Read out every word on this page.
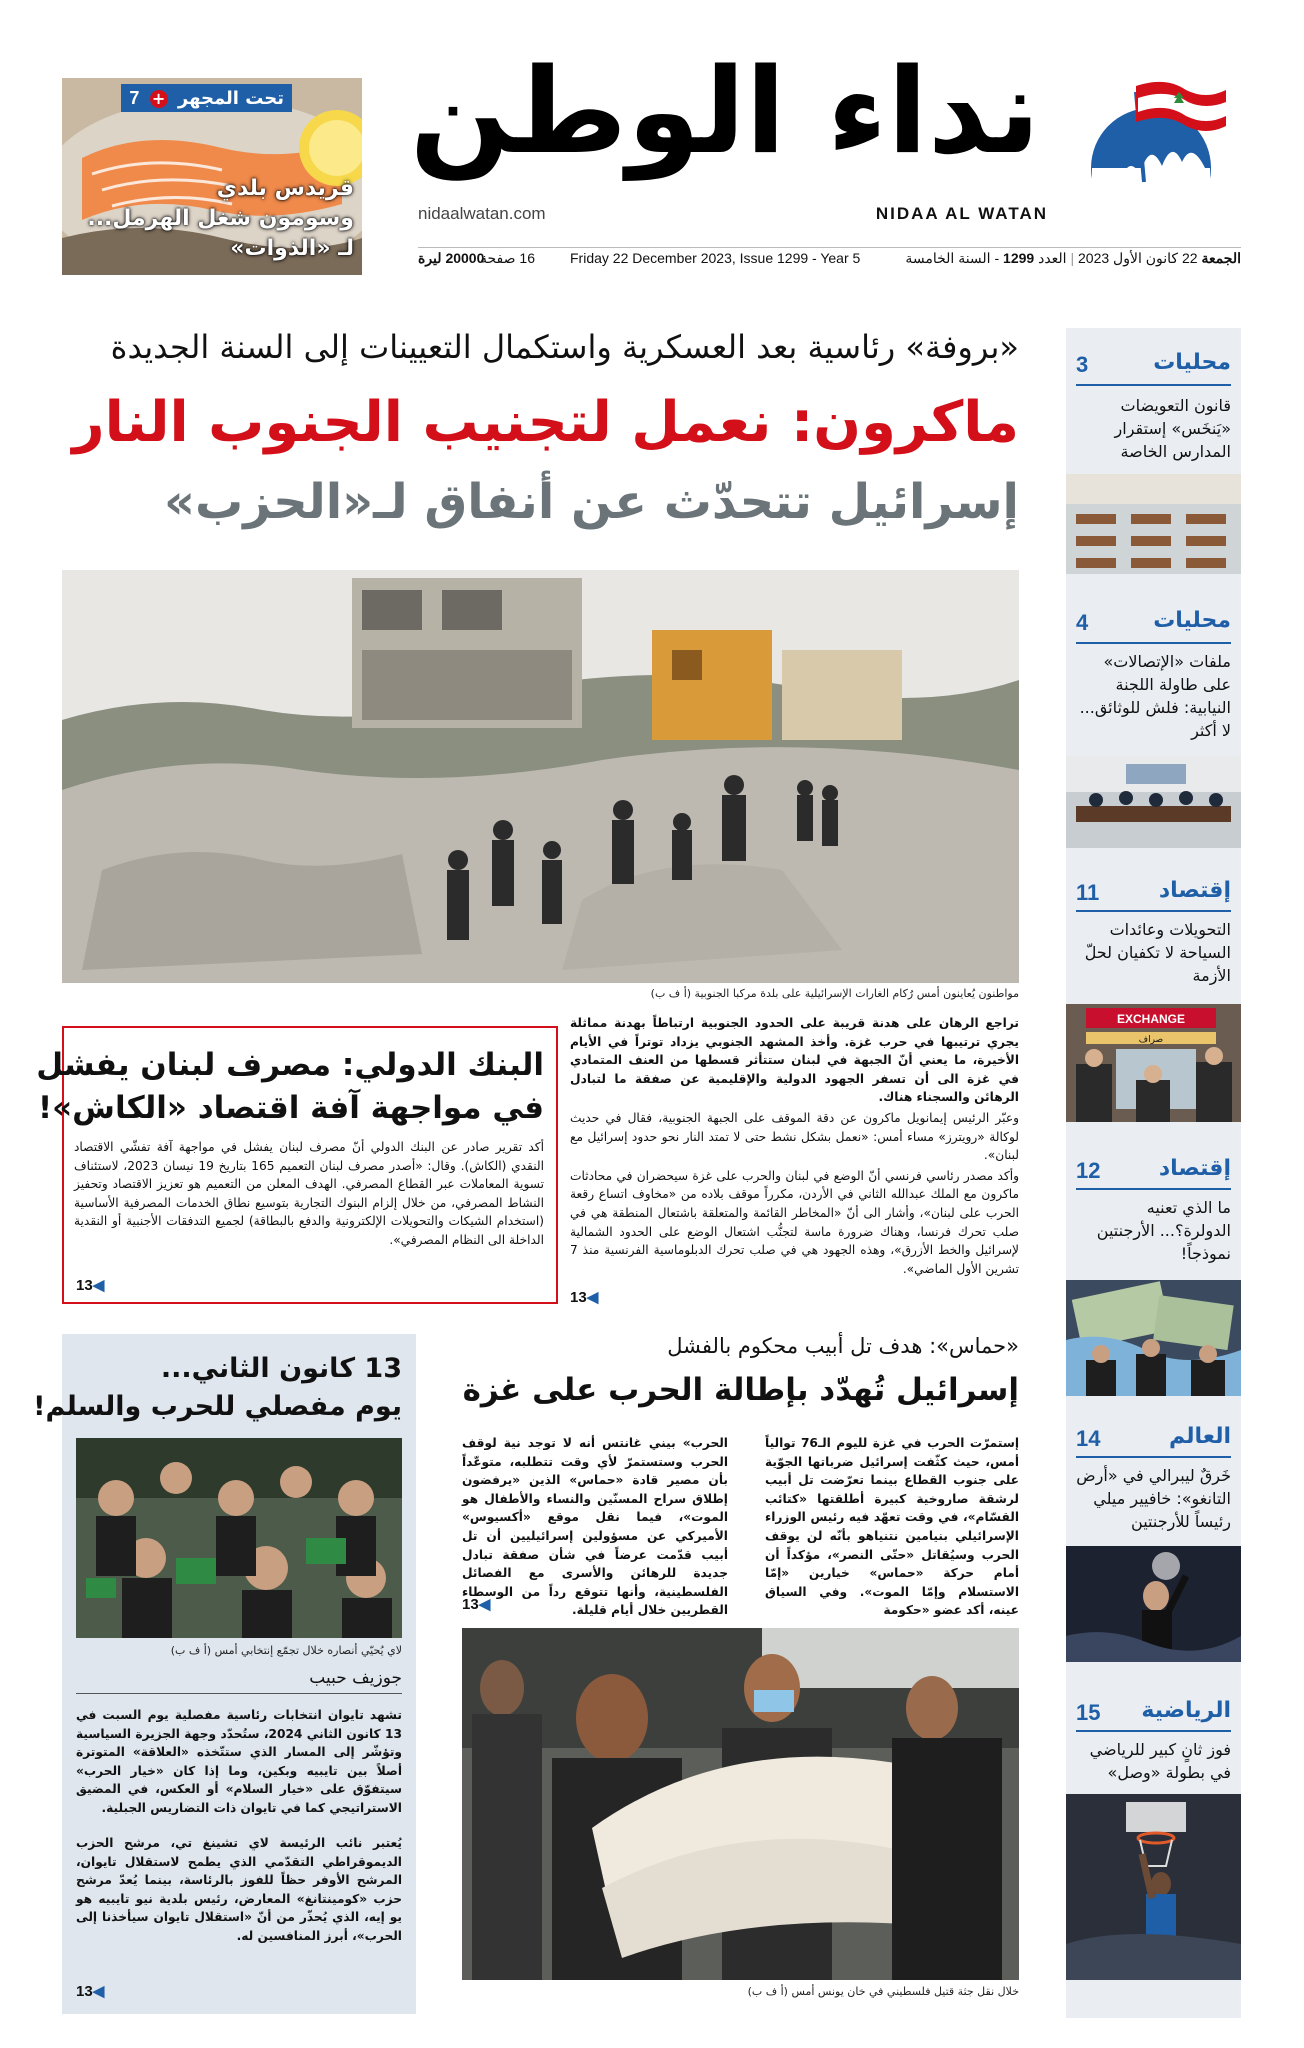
نداء الوطن
NIDAA AL WATAN
nidaalwatan.com
تحت المجهر + 7
قريدس بلدي
وسومون شغل الهرمل...
لـ «الذوات»	الجمعة 22 كانون الأول 2023 | العدد 1299 - السنة الخامسة
Friday 22 December 2023, Issue 1299 - Year 5
16 صفحة
20000 ليرة
«بروفة» رئاسية بعد العسكرية واستكمال التعيينات إلى السنة الجديدة
ماكرون: نعمل لتجنيب الجنوب النار
إسرائيل تتحدّث عن أنفاق لـ«الحزب»
مواطنون يُعاينون أمس رُكام الغارات الإسرائيلية على بلدة مركبا الجنوبية (أ ف ب)

تراجع الرهان على هدنة قريبة على الحدود الجنوبية ارتباطاً بهدنة مماثلة يجري ترتيبها في حرب غزة. وأخذ المشهد الجنوبي يزداد توتراً في الأيام الأخيرة، ما يعني أنّ الجبهة في لبنان ستتأثر قسطها من العنف المتمادي في غزة الى أن تسفر الجهود الدولية والإقليمية عن صفقة ما لتبادل الرهائن والسجناء هناك.

وعبّر الرئيس إيمانويل ماكرون عن دقة الموقف على الجبهة الجنوبية، فقال في حديث لوكالة «رويترز» مساء أمس: «نعمل بشكل نشط حتى لا تمتد النار نحو حدود إسرائيل مع لبنان».

وأكد مصدر رئاسي فرنسي أنّ الوضع في لبنان والحرب على غزة سيحضران في محادثات ماكرون مع الملك عبدالله الثاني في الأردن، مكرراً موقف بلاده من «مخاوف اتساع رقعة الحرب على لبنان»، وأشار الى أنّ «المخاطر القائمة والمتعلقة باشتعال المنطقة هي في صلب تحرك فرنسا، وهناك ضرورة ماسة لتجنُّب اشتعال الوضع على الحدود الشمالية لإسرائيل والخط الأزرق»، وهذه الجهود هي في صلب تحرك الدبلوماسية الفرنسية منذ 7 تشرين الأول الماضي».

13◀
البنك الدولي: مصرف لبنان يفشل
في مواجهة آفة اقتصاد «الكاش»!

أكد تقرير صادر عن البنك الدولي أنّ مصرف لبنان يفشل في مواجهة آفة تفشّي الاقتصاد النقدي (الكاش). وقال: «أصدر مصرف لبنان التعميم 165 بتاريخ 19 نيسان 2023، لاستئناف تسوية المعاملات عبر القطاع المصرفي. الهدف المعلن من التعميم هو تعزيز الاقتصاد وتحفيز النشاط المصرفي، من خلال إلزام البنوك التجارية بتوسيع نطاق الخدمات المصرفية الأساسية (استخدام الشيكات والتحويلات الإلكترونية والدفع بالبطاقة) لجميع التدفقات الأجنبية أو النقدية الداخلة الى النظام المصرفي».

13◀
«حماس»: هدف تل أبيب محكوم بالفشل
إسرائيل تُهدّد بإطالة الحرب على غزة

إستمرّت الحرب في غزة لليوم الـ76 توالياً أمس، حيث كثّفت إسرائيل ضرباتها الجوّية على جنوب القطاع بينما تعرّضت تل أبيب لرشقة صاروخية كبيرة أطلقتها «كتائب القسّام»، في وقت تعهّد فيه رئيس الوزراء الإسرائيلي بنيامين نتنياهو بأنّه لن يوقف الحرب وسيُقاتل «حتّى النصر»، مؤكداً أن أمام حركة «حماس» خيارين «إمّا الاستسلام وإمّا الموت». وفي السياق عينه، أكد عضو «حكومة

الحرب» بيني غانتس أنه لا توجد نية لوقف الحرب وستستمرّ لأي وقت تتطلبه، متوعّداً بأن مصير قادة «حماس» الذين «يرفضون إطلاق سراح المسنّين والنساء والأطفال هو الموت»، فيما نقل موقع «أكسيوس» الأميركي عن مسؤولين إسرائيليين أن تل أبيب قدّمت عرضاً في شأن صفقة تبادل جديدة للرهائن والأسرى مع الفصائل الفلسطينية، وأنها تتوقع رداً من الوسطاء القطريين خلال أيام قليلة.

13◀
خلال نقل جثة قتيل فلسطيني في خان يونس أمس (أ ف ب)
13 كانون الثاني...
يوم مفصلي للحرب والسلم!
لاي يُحيّي أنصاره خلال تجمّع إنتخابي أمس (أ ف ب)
جوزيف حبيب

تشهد تايوان انتخابات رئاسية مفصلية يوم السبت في 13 كانون الثاني 2024، ستُحدّد وجهة الجزيرة السياسية وتؤشّر إلى المسار الذي ستتّخذه «العلاقة» المتوترة أصلاً بين تايبيه وبكين، وما إذا كان «خيار الحرب» سيتفوّق على «خيار السلام» أو العكس، في المضيق الاستراتيجي كما في تايوان ذات التضاريس الجبلية.

يُعتبر نائب الرئيسة لاي تشينغ تي، مرشح الحزب الديموقراطي التقدّمي الذي يطمح لاستقلال تايوان، المرشح الأوفر حظاً للفوز بالرئاسة، بينما يُعدّ مرشح حزب «كومينتانغ» المعارض، رئيس بلدية نيو تايبيه هو يو إيه، الذي يُحذّر من أنّ «استقلال تايوان سيأخذنا إلى الحرب»، أبرز المنافسين له.

13◀
محليات
3
قانون التعويضات «يَنخَس» إستقرار المدارس الخاصة
محليات
4
ملفات «الإتصالات» على طاولة اللجنة النيابية: فلش للوثائق... لا أكثر
إقتصاد
11
التحويلات وعائدات السياحة لا تكفيان لحلّ الأزمة
EXCHANGE
صراف
إقتصاد
12
ما الذي تعنيه الدولرة؟... الأرجنتين نموذجاً!
العالم
14
خَرقٌ ليبرالي في «أرض التانغو»: خافيير ميلي رئيساً للأرجنتين
الرياضية
15
فوز ثانٍ كبير للرياضي في بطولة «وصل»
